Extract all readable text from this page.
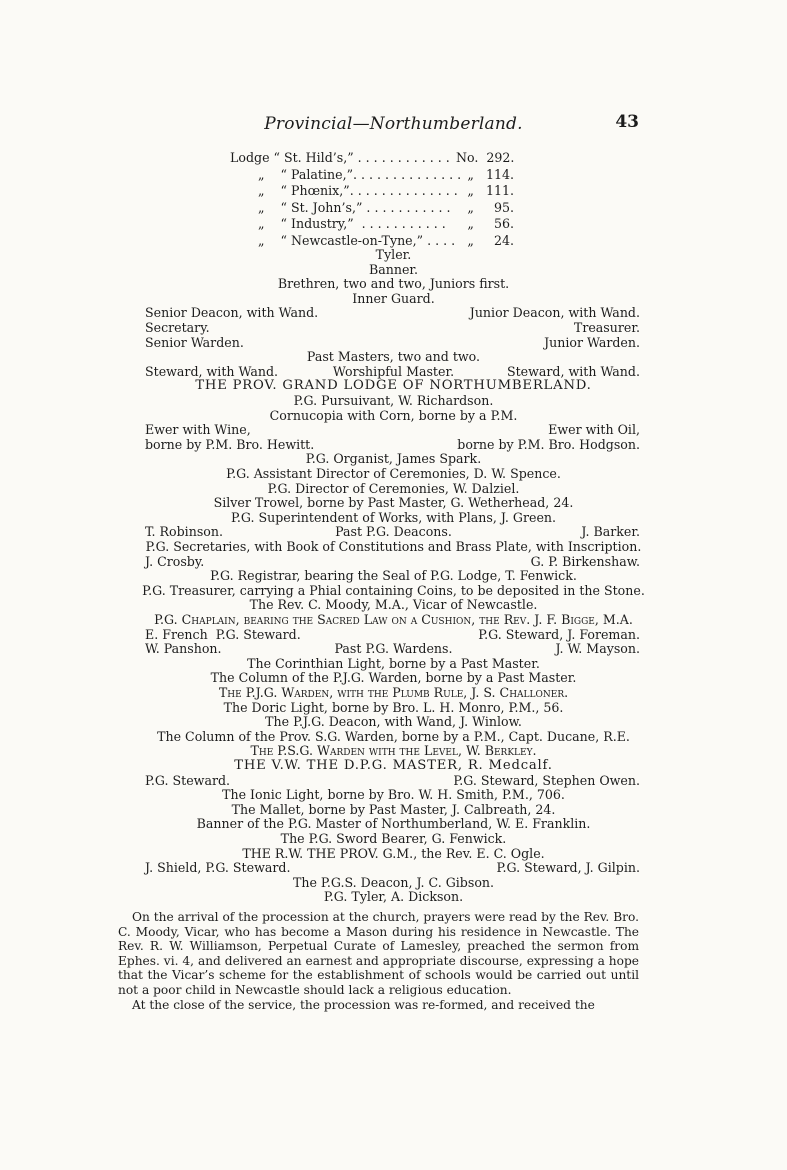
Provincial—Northumberland.	43
Lodge “ St. Hild’s,” . . . . . . . . . . . . No.  292.
„    “ Palatine,”. . . . . . . . . . . . . . „   114.
„    “ Phœnix,”. . . . . . . . . . . . . . „   111.
„    “ St. John’s,” . . . . . . . . . . .	„     95.
„    “ Industry,”  . . . . . . . . . . .	„     56.
„    “ Newcastle-on-Tyne,” . . . . „     24.
Tyler.
Banner.
Brethren, two and two, Juniors first.
Inner Guard.
Senior Deacon, with Wand.	Junior Deacon, with Wand.
Secretary.	Treasurer.
Senior Warden.	Junior Warden.
Past Masters, two and two.
Steward, with Wand.	Worshipful Master.	Steward, with Wand.
THE PROV. GRAND LODGE OF NORTHUMBERLAND.
P.G. Pursuivant, W. Richardson.
Cornucopia with Corn, borne by a P.M.
Ewer with Wine,	Ewer with Oil,
borne by P.M. Bro. Hewitt.	borne by P.M. Bro. Hodgson.
P.G. Organist, James Spark.
P.G. Assistant Director of Ceremonies, D. W. Spence.
P.G. Director of Ceremonies, W. Dalziel.
Silver Trowel, borne by Past Master, G. Wetherhead, 24.
P.G. Superintendent of Works, with Plans, J. Green.
T. Robinson.	Past P.G. Deacons.	J. Barker.
P.G. Secretaries, with Book of Constitutions and Brass Plate, with Inscription.
J. Crosby.	G. P. Birkenshaw.
P.G. Registrar, bearing the Seal of P.G. Lodge, T. Fenwick.
P.G. Treasurer, carrying a Phial containing Coins, to be deposited in the Stone.
The Rev. C. Moody, M.A., Vicar of Newcastle.
P.G. Chaplain, bearing the Sacred Law on a Cushion, the Rev. J. F. Bigge, M.A.
E. French  P.G. Steward.	P.G. Steward, J. Foreman.
W. Panshon.	Past P.G. Wardens.	J. W. Mayson.
The Corinthian Light, borne by a Past Master.
The Column of the P.J.G. Warden, borne by a Past Master.
The P.J.G. Warden, with the Plumb Rule, J. S. Challoner.
The Doric Light, borne by Bro. L. H. Monro, P.M., 56.
The P.J.G. Deacon, with Wand, J. Winlow.
The Column of the Prov. S.G. Warden, borne by a P.M., Capt. Ducane, R.E.
The P.S.G. Warden with the Level, W. Berkley.
THE V.W. THE D.P.G. MASTER, R. Medcalf.
P.G. Steward.	P.G. Steward, Stephen Owen.
The Ionic Light, borne by Bro. W. H. Smith, P.M., 706.
The Mallet, borne by Past Master, J. Calbreath, 24.
Banner of the P.G. Master of Northumberland, W. E. Franklin.
The P.G. Sword Bearer, G. Fenwick.
THE R.W. THE PROV. G.M., the Rev. E. C. Ogle.
J. Shield, P.G. Steward.	P.G. Steward, J. Gilpin.
The P.G.S. Deacon, J. C. Gibson.
P.G. Tyler, A. Dickson.

On the arrival of the procession at the church, prayers were read by the Rev. Bro. C. Moody, Vicar, who has become a Mason during his residence in Newcastle. The Rev. R. W. Williamson, Perpetual Curate of Lamesley, preached the sermon from Ephes. vi. 4, and delivered an earnest and appropriate discourse, expressing a hope that the Vicar’s scheme for the establishment of schools would be carried out until not a poor child in Newcastle should lack a religious education.

At the close of the service, the procession was re-formed, and received the
